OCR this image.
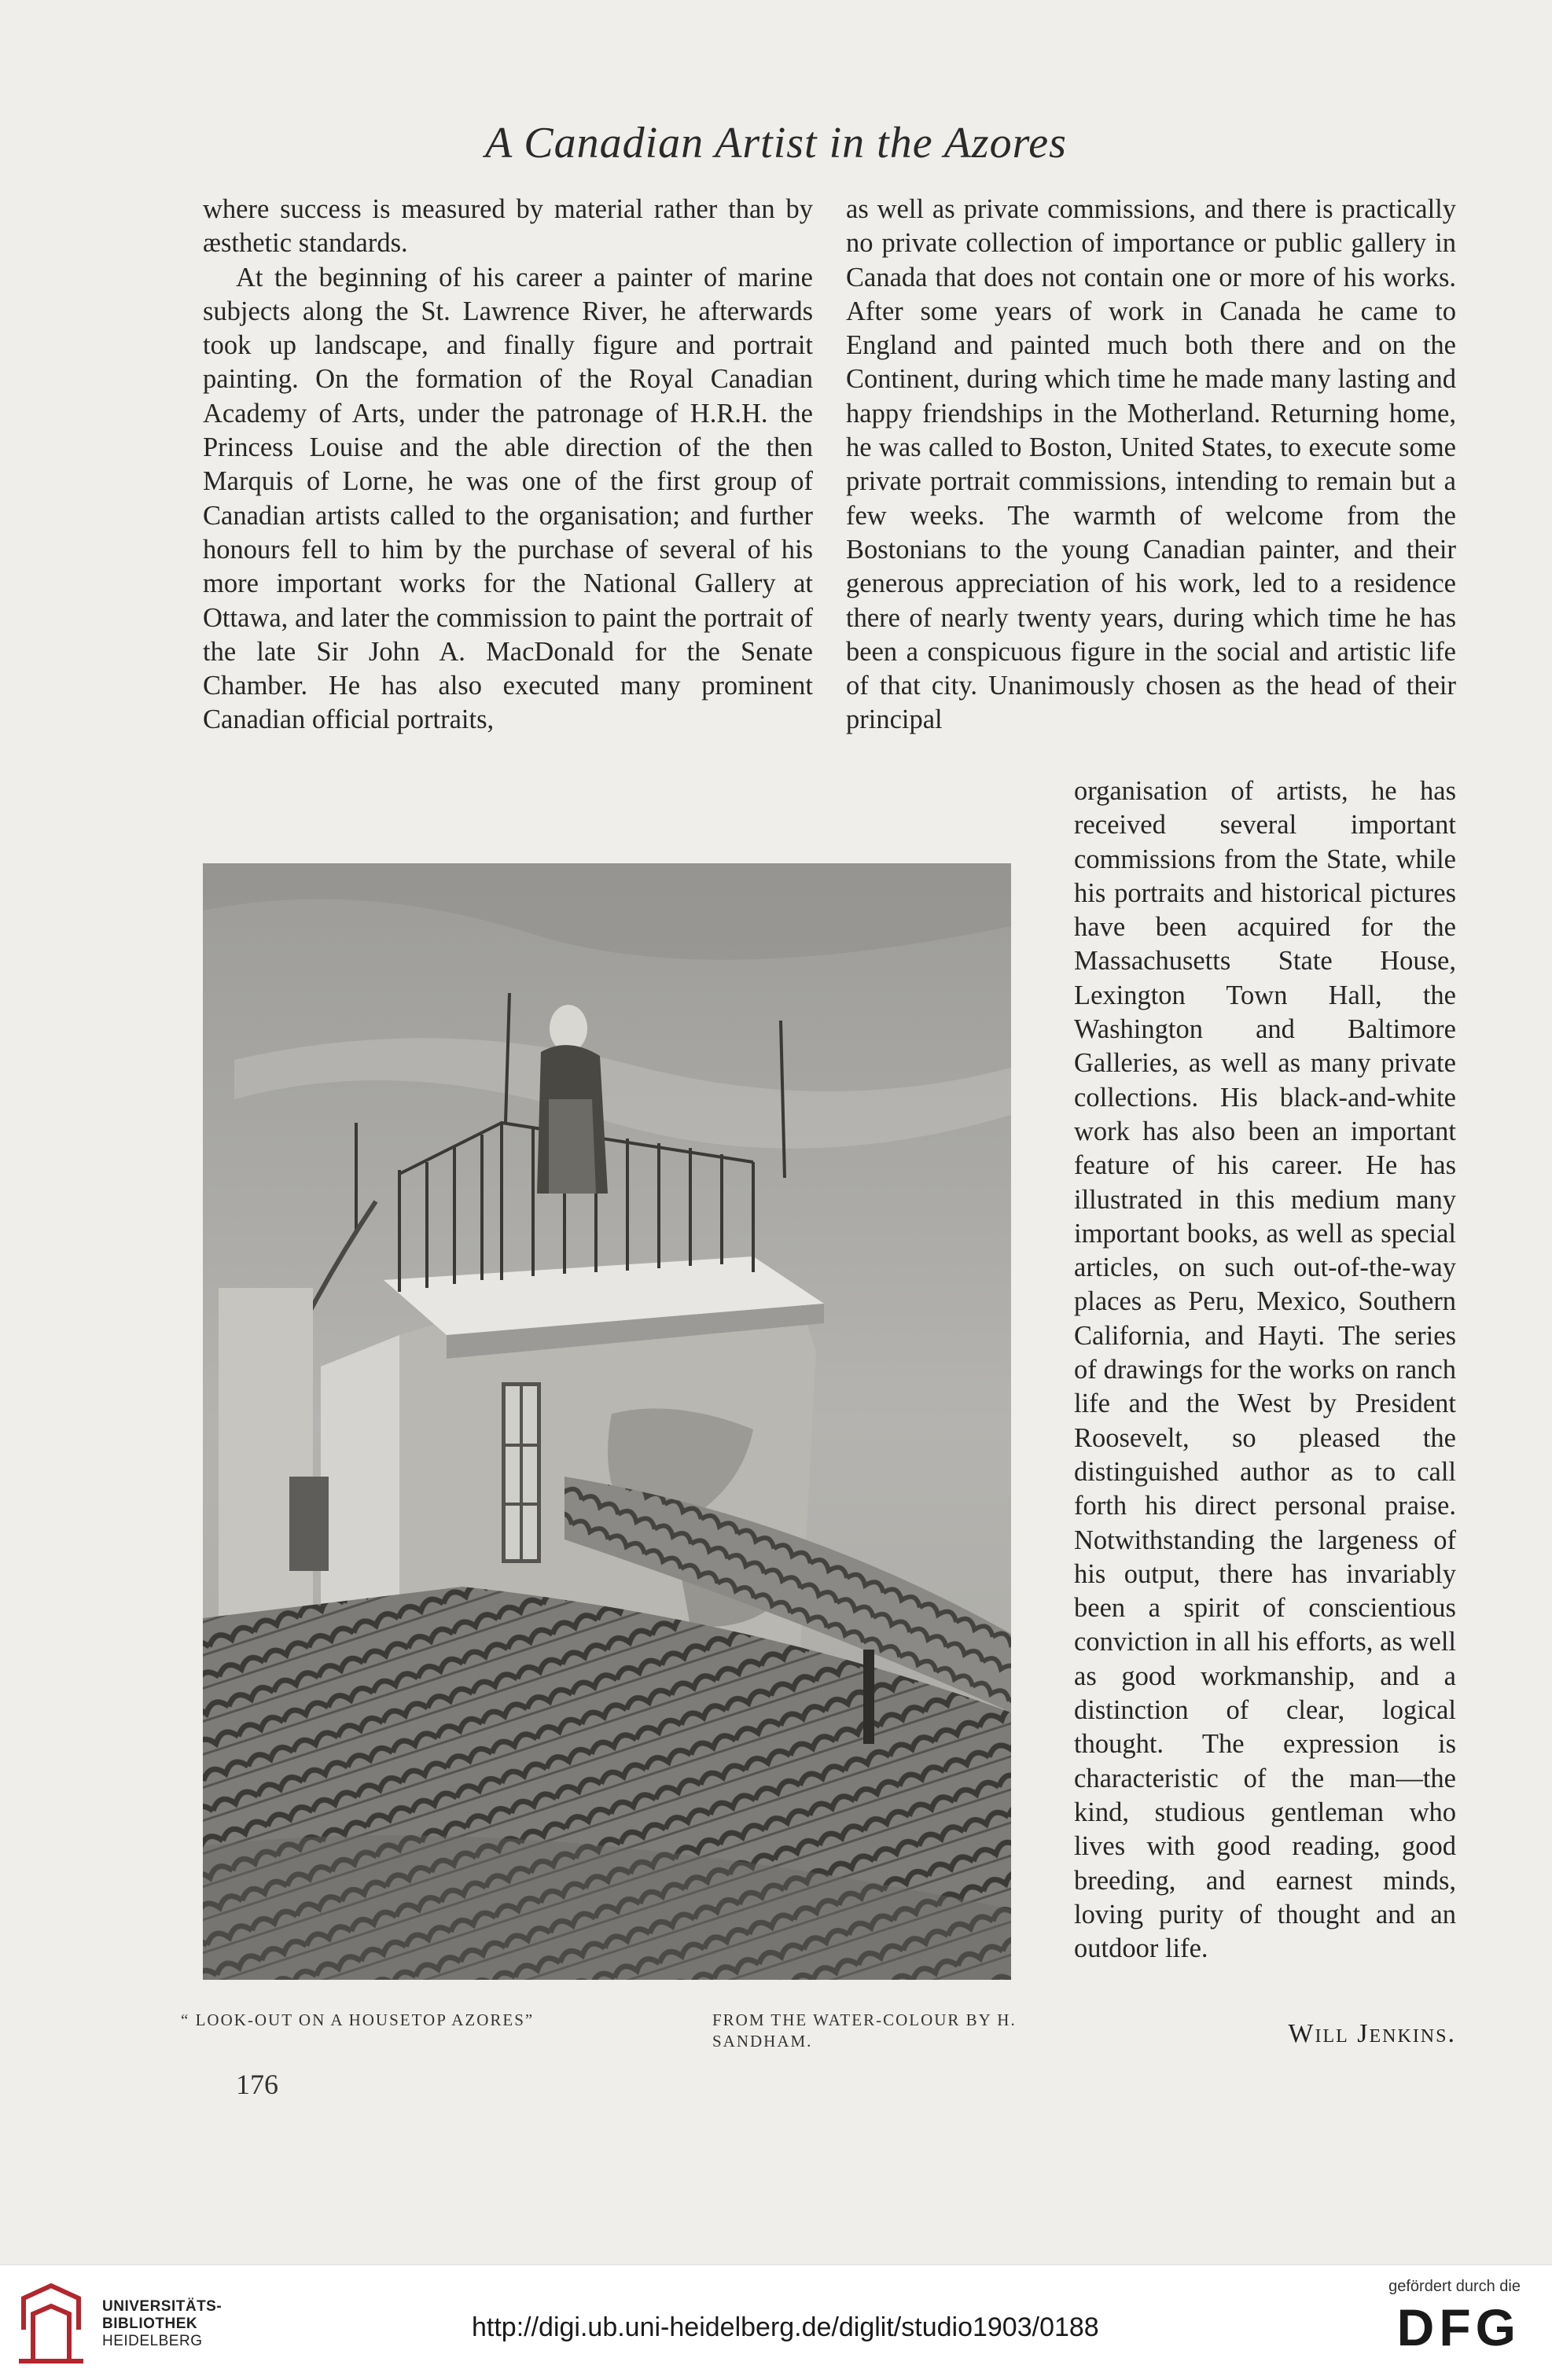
A Canadian Artist in the Azores

where success is measured by material rather than by æsthetic standards.

At the beginning of his career a painter of marine subjects along the St. Lawrence River, he afterwards took up landscape, and finally figure and portrait painting. On the formation of the Royal Canadian Academy of Arts, under the patronage of H.R.H. the Princess Louise and the able direction of the then Marquis of Lorne, he was one of the first group of Canadian artists called to the organisation; and further honours fell to him by the purchase of several of his more important works for the National Gallery at Ottawa, and later the commission to paint the portrait of the late Sir John A. MacDonald for the Senate Chamber. He has also executed many prominent Canadian official portraits,

as well as private commissions, and there is practically no private collection of importance or public gallery in Canada that does not contain one or more of his works. After some years of work in Canada he came to England and painted much both there and on the Continent, during which time he made many lasting and happy friendships in the Motherland. Returning home, he was called to Boston, United States, to execute some private portrait commissions, intending to remain but a few weeks. The warmth of welcome from the Bostonians to the young Canadian painter, and their generous appreciation of his work, led to a residence there of nearly twenty years, during which time he has been a conspicuous figure in the social and artistic life of that city. Unanimously chosen as the head of their principal

organisation of artists, he has received several important commissions from the State, while his portraits and historical pictures have been acquired for the Massachusetts State House, Lexington Town Hall, the Washington and Baltimore Galleries, as well as many private collections. His black-and-white work has also been an important feature of his career. He has illustrated in this medium many important books, as well as special articles, on such out-of-the-way places as Peru, Mexico, Southern California, and Hayti. The series of drawings for the works on ranch life and the West by President Roosevelt, so pleased the distinguished author as to call forth his direct personal praise. Notwithstanding the largeness of his output, there has invariably been a spirit of conscientious conviction in all his efforts, as well as good workmanship, and a distinction of clear, logical thought. The expression is characteristic of the man—the kind, studious gentleman who lives with good reading, good breeding, and earnest minds, loving purity of thought and an outdoor life.

Will Jenkins.
“ LOOK-OUT ON A HOUSETOP AZORES”	FROM THE WATER-COLOUR BY H. SANDHAM.
176
UNIVERSITÄTS-
BIBLIOTHEK
HEIDELBERG	http://digi.ub.uni-heidelberg.de/diglit/studio1903/0188
gefördert durch die
DFG
